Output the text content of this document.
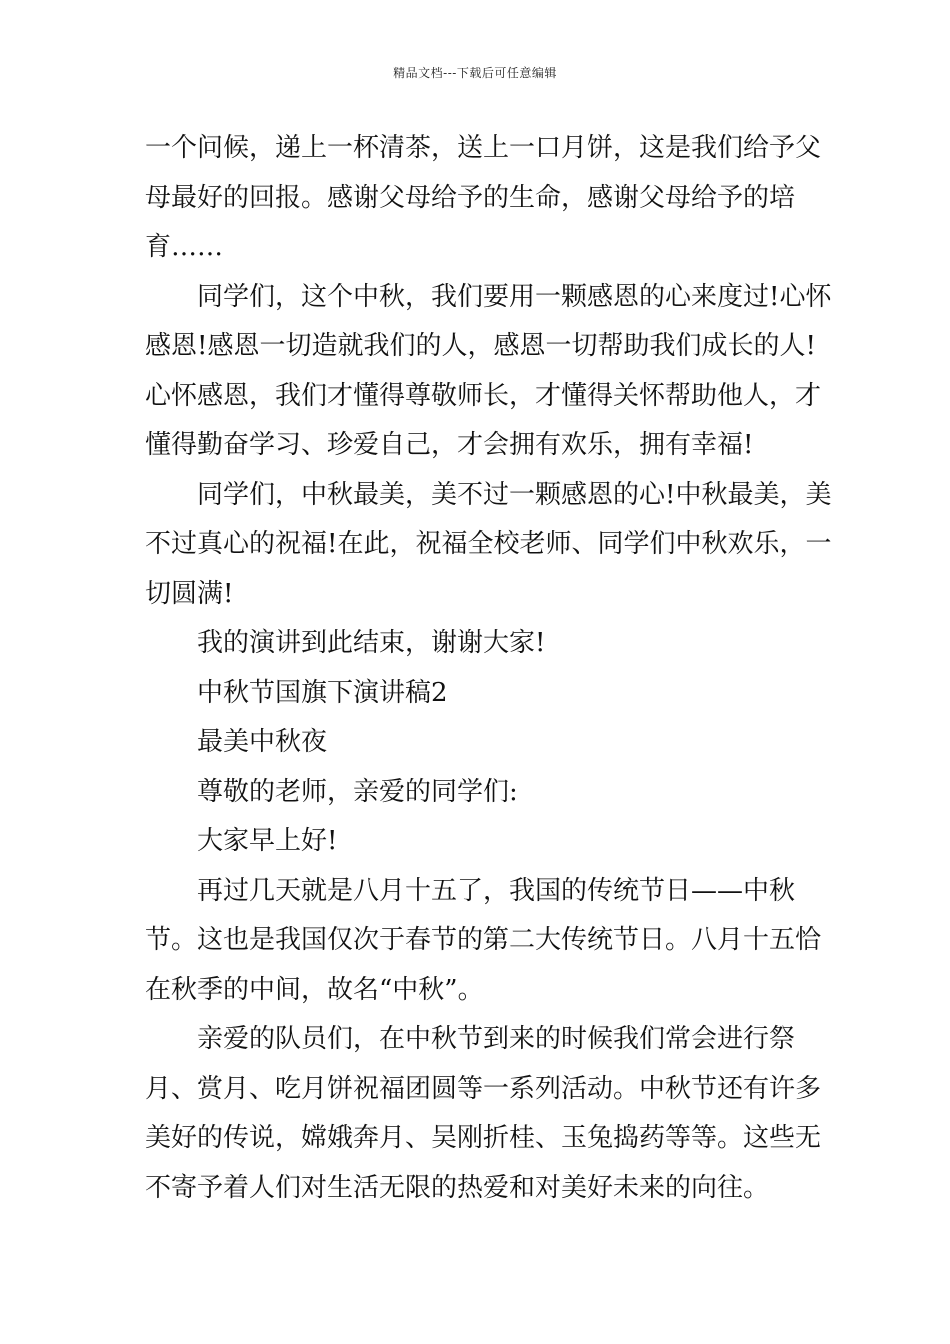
精品文档---下载后可任意编辑

一个问候，递上一杯清茶，送上一口月饼，这是我们给予父母最好的回报。感谢父母给予的生命，感谢父母给予的培育……

同学们，这个中秋，我们要用一颗感恩的心来度过!心怀感恩!感恩一切造就我们的人，感恩一切帮助我们成长的人!心怀感恩，我们才懂得尊敬师长，才懂得关怀帮助他人，才懂得勤奋学习、珍爱自己，才会拥有欢乐，拥有幸福!

同学们，中秋最美，美不过一颗感恩的心!中秋最美，美不过真心的祝福!在此，祝福全校老师、同学们中秋欢乐，一切圆满!

我的演讲到此结束，谢谢大家!

中秋节国旗下演讲稿2

最美中秋夜

尊敬的老师，亲爱的同学们:

大家早上好!

再过几天就是八月十五了，我国的传统节日——中秋节。这也是我国仅次于春节的第二大传统节日。八月十五恰在秋季的中间，故名“中秋”。

亲爱的队员们，在中秋节到来的时候我们常会进行祭月、赏月、吃月饼祝福团圆等一系列活动。中秋节还有许多美好的传说，嫦娥奔月、吴刚折桂、玉兔捣药等等。这些无不寄予着人们对生活无限的热爱和对美好未来的向往。
